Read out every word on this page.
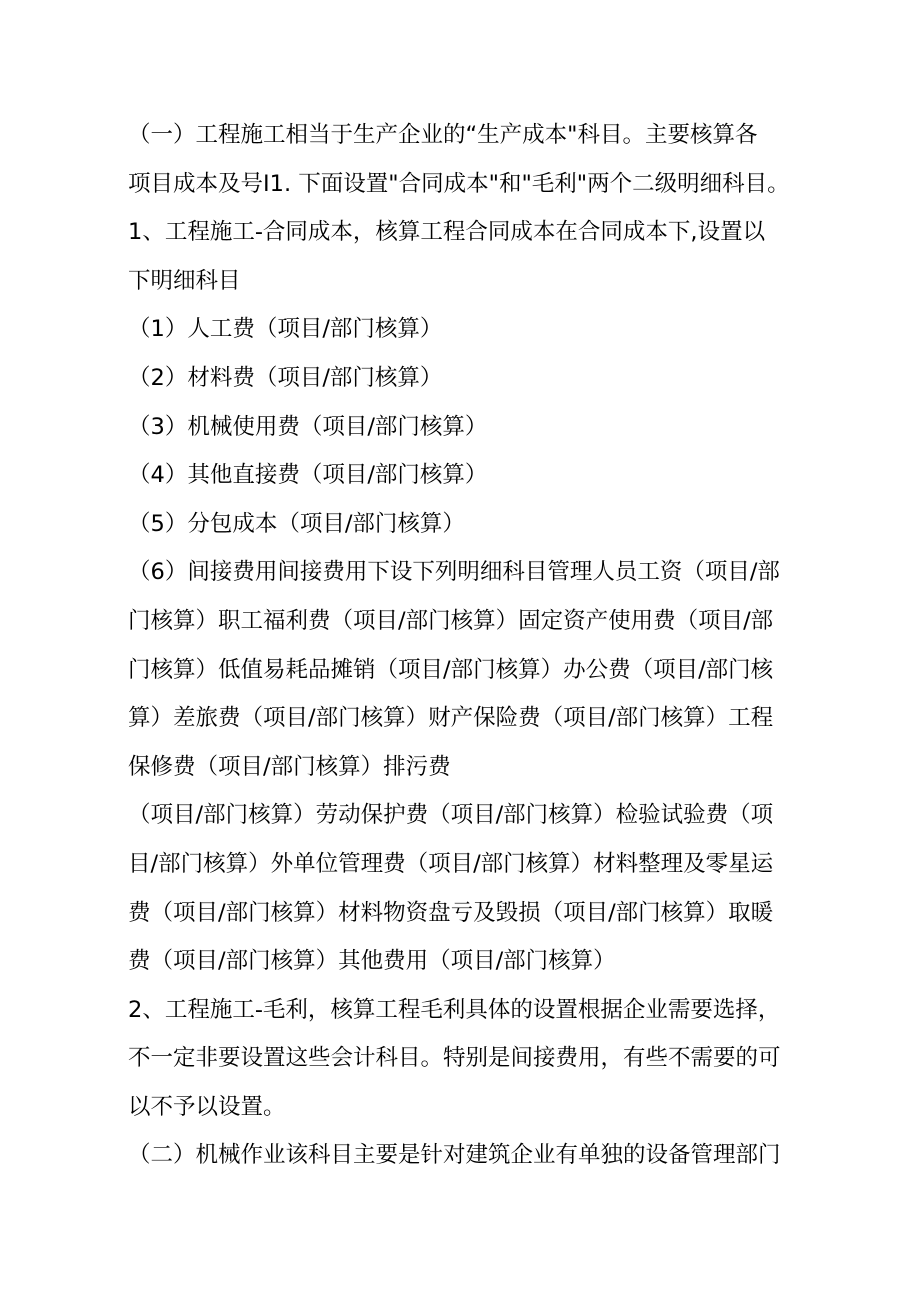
（一）工程施工相当于生产企业的“生产成本"科目。主要核算各
项目成本及号I1. 下面设置"合同成本"和"毛利"两个二级明细科目。
1、工程施工-合同成本，核算工程合同成本在合同成本下,设置以
下明细科目
（1）人工费（项目/部门核算）
（2）材料费（项目/部门核算）
（3）机械使用费（项目/部门核算）
（4）其他直接费（项目/部门核算）
（5）分包成本（项目/部门核算）
（6）间接费用间接费用下设下列明细科目管理人员工资（项目/部
门核算）职工福利费（项目/部门核算）固定资产使用费（项目/部
门核算）低值易耗品摊销（项目/部门核算）办公费（项目/部门核
算）差旅费（项目/部门核算）财产保险费（项目/部门核算）工程
保修费（项目/部门核算）排污费
（项目/部门核算）劳动保护费（项目/部门核算）检验试验费（项
目/部门核算）外单位管理费（项目/部门核算）材料整理及零星运
费（项目/部门核算）材料物资盘亏及毁损（项目/部门核算）取暖
费（项目/部门核算）其他费用（项目/部门核算）
2、工程施工-毛利，核算工程毛利具体的设置根据企业需要选择，
不一定非要设置这些会计科目。特别是间接费用，有些不需要的可
以不予以设置。
（二）机械作业该科目主要是针对建筑企业有单独的设备管理部门
